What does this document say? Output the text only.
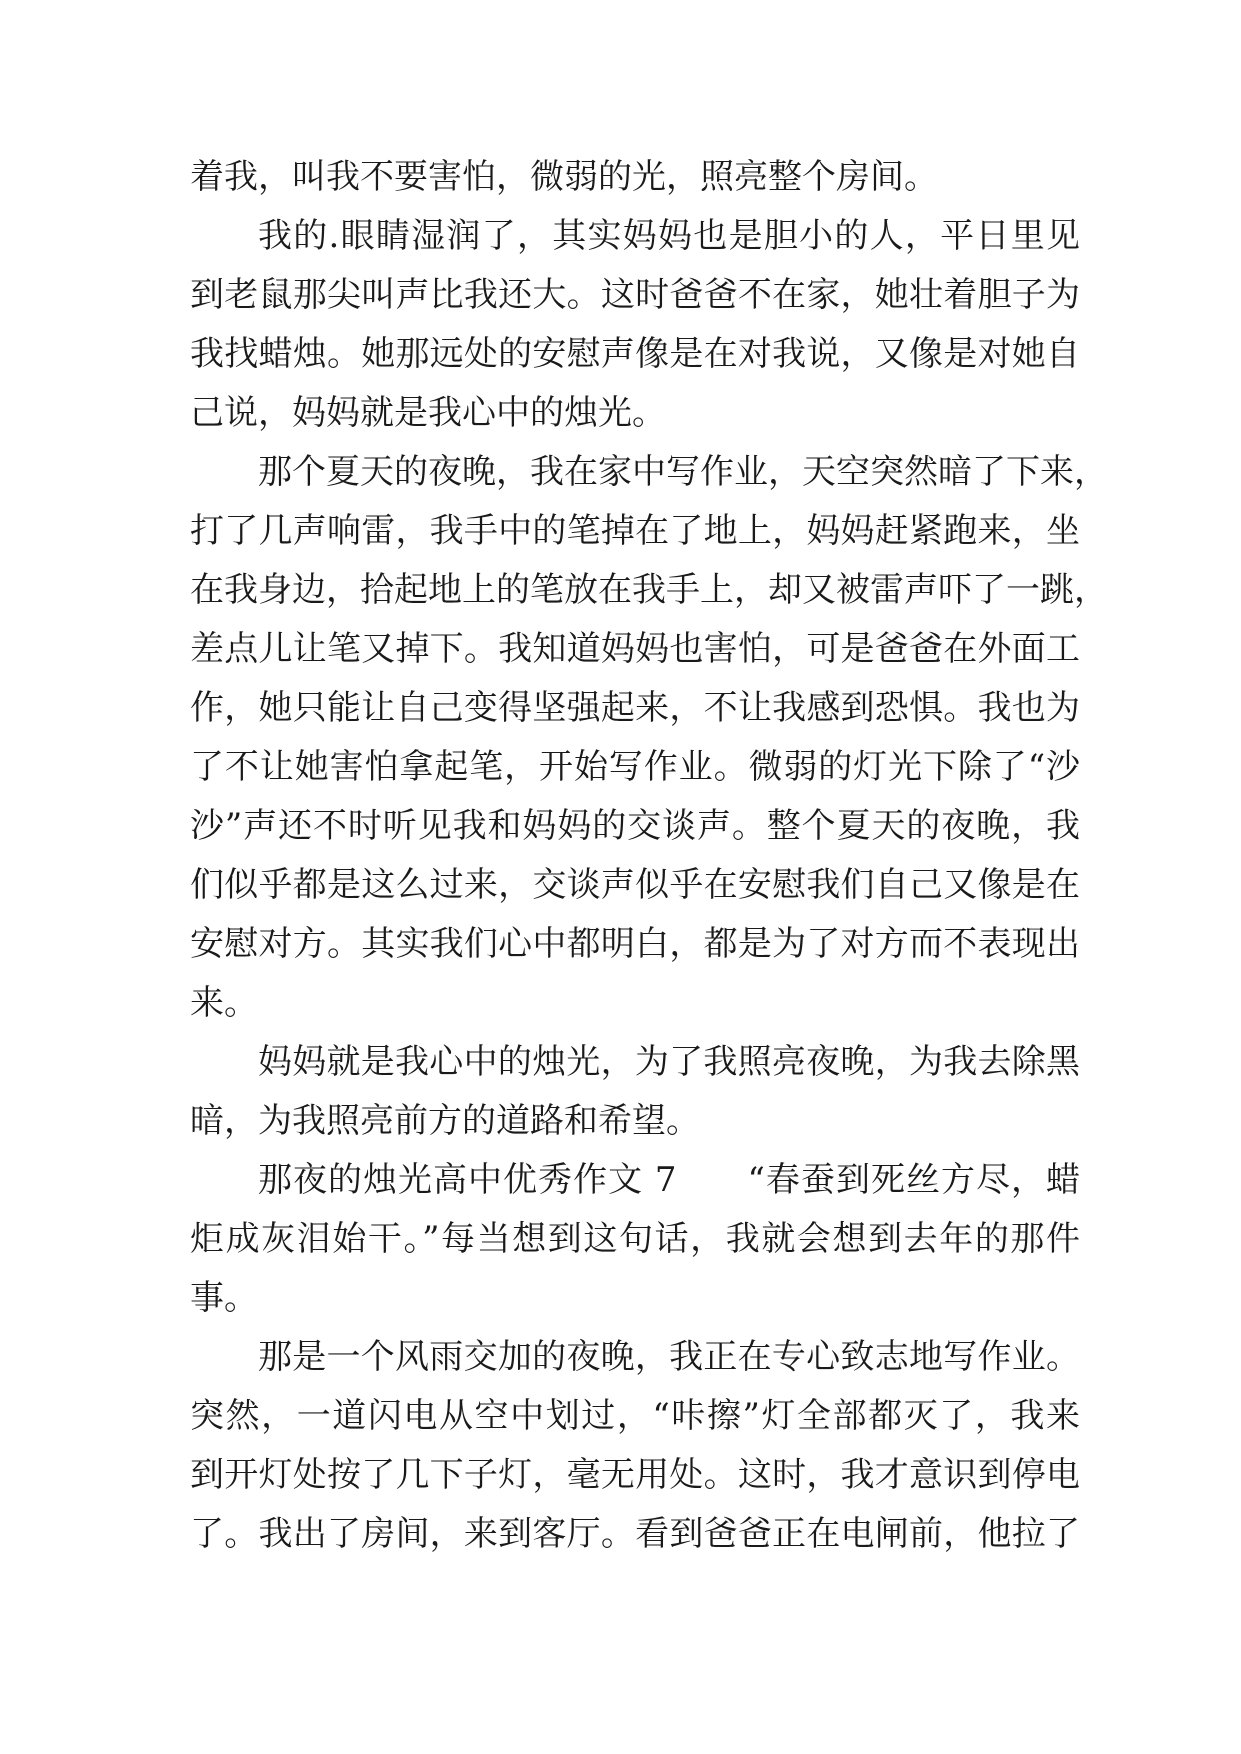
着我，叫我不要害怕，微弱的光，照亮整个房间。
我的.眼睛湿润了，其实妈妈也是胆小的人，平日里见
到老鼠那尖叫声比我还大。这时爸爸不在家，她壮着胆子为
我找蜡烛。她那远处的安慰声像是在对我说，又像是对她自
己说，妈妈就是我心中的烛光。
那个夏天的夜晚，我在家中写作业，天空突然暗了下来，
打了几声响雷，我手中的笔掉在了地上，妈妈赶紧跑来，坐
在我身边，拾起地上的笔放在我手上，却又被雷声吓了一跳，
差点儿让笔又掉下。我知道妈妈也害怕，可是爸爸在外面工
作，她只能让自己变得坚强起来，不让我感到恐惧。我也为
了不让她害怕拿起笔，开始写作业。微弱的灯光下除了“沙
沙”声还不时听见我和妈妈的交谈声。整个夏天的夜晚，我
们似乎都是这么过来，交谈声似乎在安慰我们自己又像是在
安慰对方。其实我们心中都明白，都是为了对方而不表现出
来。
妈妈就是我心中的烛光，为了我照亮夜晚，为我去除黑
暗，为我照亮前方的道路和希望。
那夜的烛光高中优秀作文 7　　“春蚕到死丝方尽，蜡
炬成灰泪始干。”每当想到这句话，我就会想到去年的那件
事。
那是一个风雨交加的夜晚，我正在专心致志地写作业。
突然，一道闪电从空中划过，“咔擦”灯全部都灭了，我来
到开灯处按了几下子灯，毫无用处。这时，我才意识到停电
了。我出了房间，来到客厅。看到爸爸正在电闸前，他拉了
